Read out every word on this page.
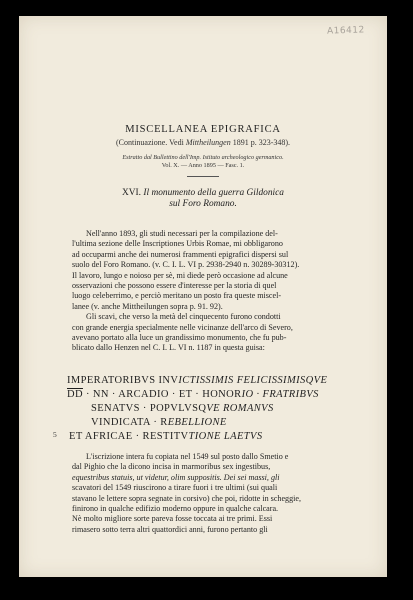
A16412
MISCELLANEA EPIGRAFICA
(Continuazione. Vedi Mittheilungen 1891 p. 323-348).
Estratto dal Bullettino dell'Imp. Istituto archeologico germanico.
Vol. X. — Anno 1895 — Fasc. 1.
XVI. Il monumento della guerra Gildonica
sul Foro Romano.
Nell'anno 1893, gli studi necessari per la compilazione del-
l'ultima sezione delle Inscriptiones Urbis Romae, mi obbligarono
ad occuparmi anche dei numerosi frammenti epigrafici dispersi sul
suolo del Foro Romano. (v. C. I. L. VI p. 2938-2940 n. 30289-30312).
Il lavoro, lungo e noioso per sè, mi diede però occasione ad alcune
osservazioni che possono essere d'interesse per la storia di quel
luogo celeberrimo, e perciò meritano un posto fra queste miscel-
lanee (v. anche Mittheilungen sopra p. 91. 92).
Gli scavi, che verso la metà del cinquecento furono condotti
con grande energia specialmente nelle vicinanze dell'arco di Severo,
avevano portato alla luce un grandissimo monumento, che fu pub-
blicato dallo Henzen nel C. I. L. VI n. 1187 in questa guisa:
IMPERATORIBVS INVICTISSIMIS FELICISSIMISQVE
$\overline{DD}$ · NN · ARCADIO · ET · HONORIO · FRATRIBVS
SENATVS · POPVLVSQVE ROMANVS
VINDICATA · REBELLIONE
ET AFRICAE · RESTITVTIONE LAETVS
5
L'iscrizione intera fu copiata nel 1549 sul posto dallo Smetio e
dal Pighio che la dicono incisa in marmoribus sex ingestibus,
equestribus statuis, ut videtur, olim suppositis. Dei sei massi, gli
scavatori del 1549 riuscirono a tirare fuori i tre ultimi (sui quali
stavano le lettere sopra segnate in corsivo) che poi, ridotte in scheggie,
finirono in qualche edifizio moderno oppure in qualche calcara.
Nè molto migliore sorte pareva fosse toccata ai tre primi. Essi
rimasero sotto terra altri quattordici anni, furono pertanto gli
